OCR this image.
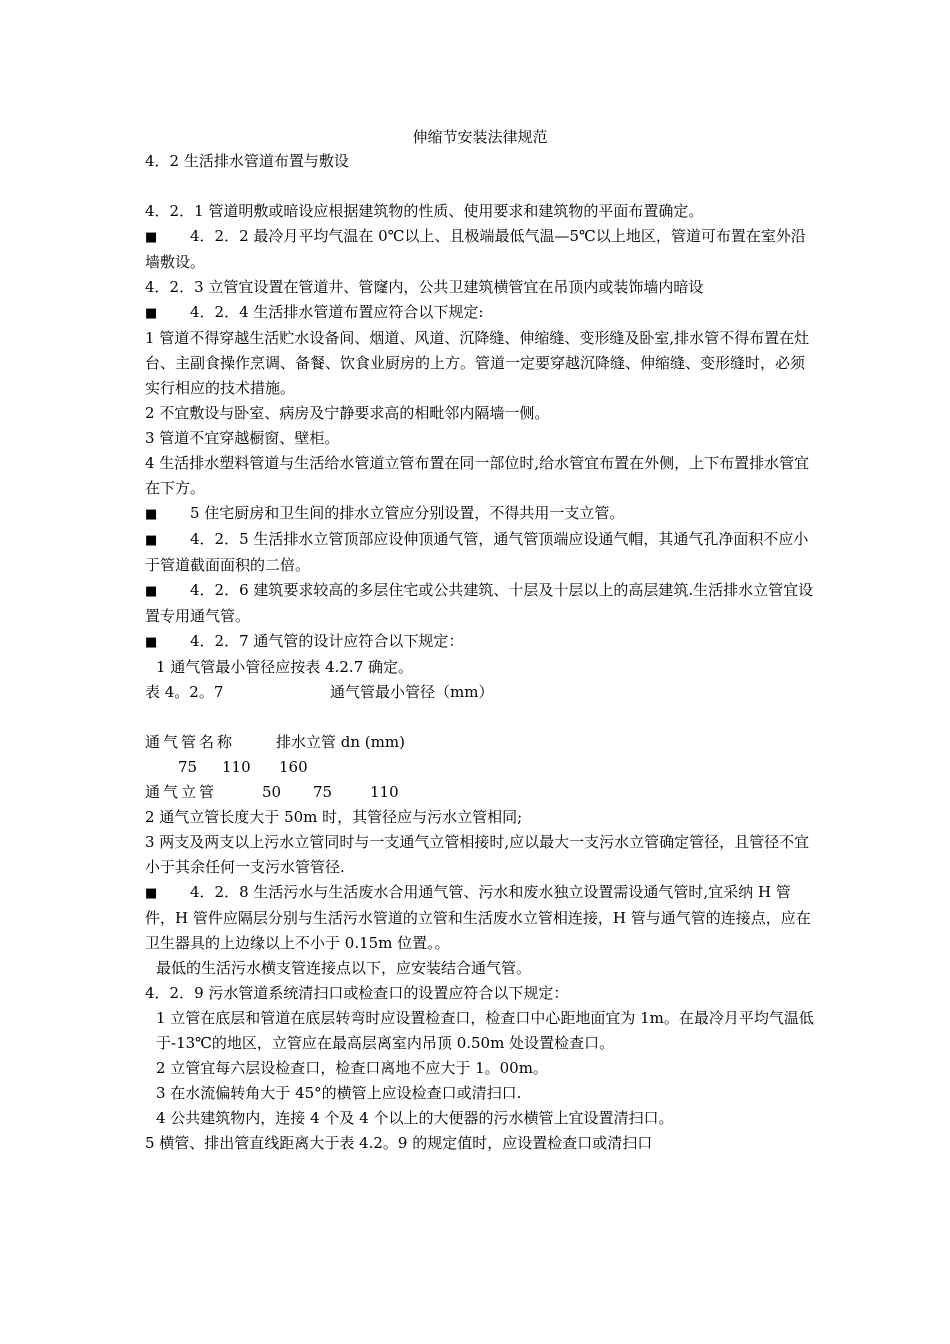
伸缩节安装法律规范

4．2 生活排水管道布置与敷设

4．2．1 管道明敷或暗设应根据建筑物的性质、使用要求和建筑物的平面布置确定。

■ 4．2．2 最冷月平均气温在 0℃以上、且极端最低气温—5℃以上地区，管道可布置在室外沿墙敷设。

4．2．3 立管宜设置在管道井、管窿内，公共卫建筑横管宜在吊顶内或装饰墙内暗设

■ 4．2．4 生活排水管道布置应符合以下规定:

1 管道不得穿越生活贮水设备间、烟道、风道、沉降缝、伸缩缝、变形缝及卧室,排水管不得布置在灶台、主副食操作烹调、备餐、饮食业厨房的上方。管道一定要穿越沉降缝、伸缩缝、变形缝时，必须实行相应的技术措施。

2 不宜敷设与卧室、病房及宁静要求高的相毗邻内隔墙一侧。

3 管道不宜穿越橱窗、壁柜。

4 生活排水塑料管道与生活给水管道立管布置在同一部位时,给水管宜布置在外侧，上下布置排水管宜在下方。

■ 5 住宅厨房和卫生间的排水立管应分别设置，不得共用一支立管。

■ 4．2．5 生活排水立管顶部应设伸顶通气管，通气管顶端应设通气帽，其通气孔净面积不应小于管道截面面积的二倍。

■ 4．2．6 建筑要求较高的多层住宅或公共建筑、十层及十层以上的高层建筑.生活排水立管宜设置专用通气管。

■ 4．2．7 通气管的设计应符合以下规定：

1 通气管最小管径应按表 4.2.7 确定。

表 4。2。7	通气管最小管径（mm）

通气管名称	排水立管 dn (mm)

75 110 160

通气立管	50 75	110

2 通气立管长度大于 50m 时，其管径应与污水立管相同;

3 两支及两支以上污水立管同时与一支通气立管相接时,应以最大一支污水立管确定管径，且管径不宜小于其余任何一支污水管管径.

■ 4．2．8 生活污水与生活废水合用通气管、污水和废水独立设置需设通气管时,宜采纳 H 管件，H 管件应隔层分别与生活污水管道的立管和生活废水立管相连接，H 管与通气管的连接点，应在卫生器具的上边缘以上不小于 0.15m 位置。。

最低的生活污水横支管连接点以下，应安装结合通气管。

4．2．9 污水管道系统清扫口或检查口的设置应符合以下规定：

1 立管在底层和管道在底层转弯时应设置检查口，检查口中心距地面宜为 1m。在最冷月平均气温低于-13℃的地区，立管应在最高层离室内吊顶 0.50m 处设置检查口。

2 立管宜每六层设检查口，检查口离地不应大于 1。00m。

3 在水流偏转角大于 45°的横管上应设检查口或清扫口.

4 公共建筑物内，连接 4 个及 4 个以上的大便器的污水横管上宜设置清扫口。

5 横管、排出管直线距离大于表 4.2。9 的规定值时，应设置检查口或清扫口
